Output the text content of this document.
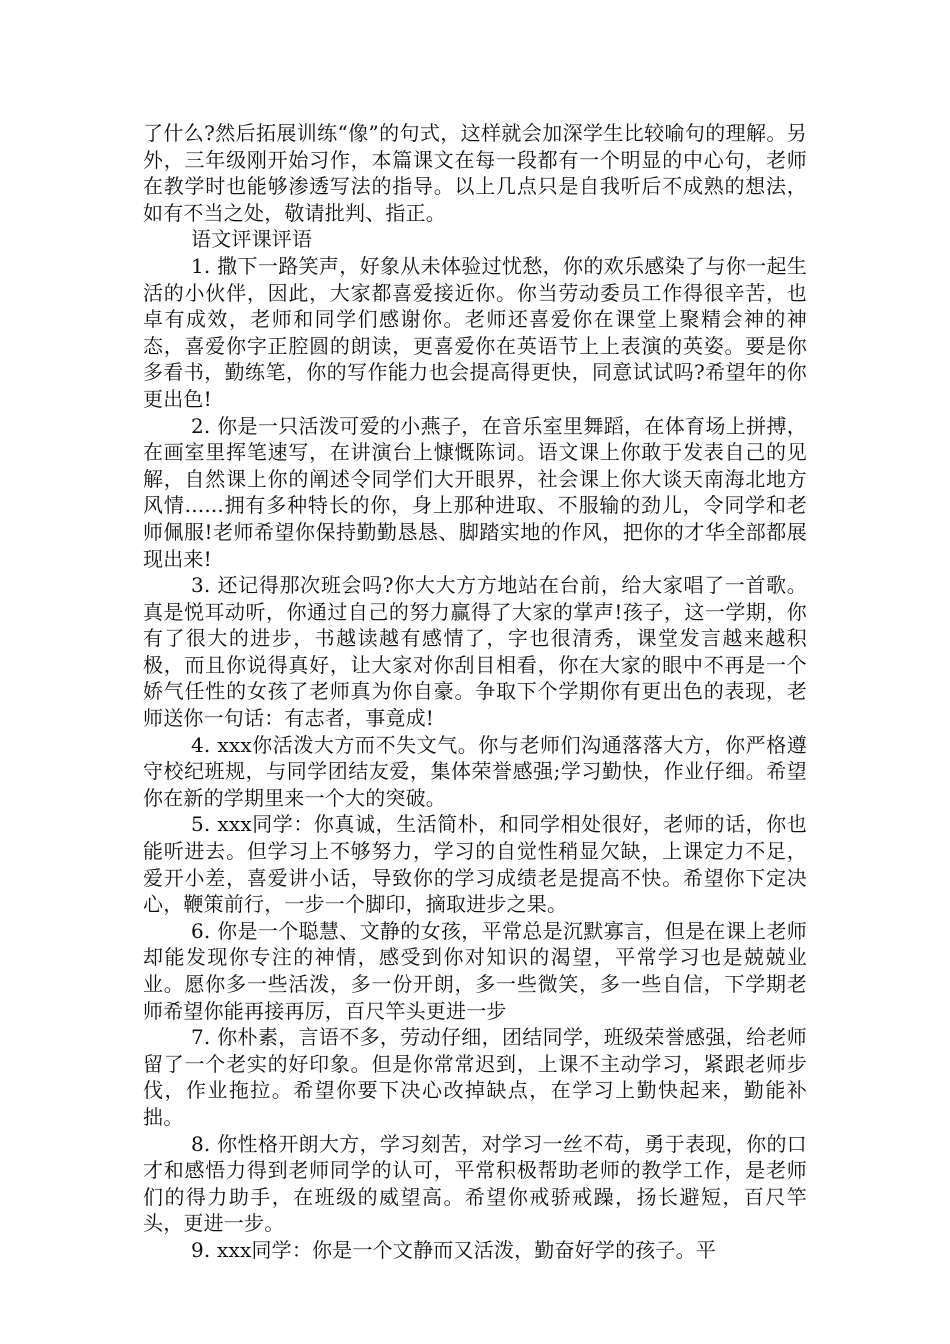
了什么?然后拓展训练“像”的句式，这样就会加深学生比较喻句的理解。另外，三年级刚开始习作，本篇课文在每一段都有一个明显的中心句，老师在教学时也能够渗透写法的指导。以上几点只是自我听后不成熟的想法，如有不当之处，敬请批判、指正。

语文评课评语

1. 撒下一路笑声，好象从未体验过忧愁，你的欢乐感染了与你一起生活的小伙伴，因此，大家都喜爱接近你。你当劳动委员工作得很辛苦，也卓有成效，老师和同学们感谢你。老师还喜爱你在课堂上聚精会神的神态，喜爱你字正腔圆的朗读，更喜爱你在英语节上上表演的英姿。要是你多看书，勤练笔，你的写作能力也会提高得更快，同意试试吗?希望年的你更出色!

2. 你是一只活泼可爱的小燕子，在音乐室里舞蹈，在体育场上拼搏，在画室里挥笔速写，在讲演台上慷慨陈词。语文课上你敢于发表自己的见解，自然课上你的阐述令同学们大开眼界，社会课上你大谈天南海北地方风情......拥有多种特长的你，身上那种进取、不服输的劲儿，令同学和老师佩服!老师希望你保持勤勤恳恳、脚踏实地的作风，把你的才华全部都展现出来!

3. 还记得那次班会吗?你大大方方地站在台前，给大家唱了一首歌。真是悦耳动听，你通过自己的努力赢得了大家的掌声!孩子，这一学期，你有了很大的进步，书越读越有感情了，字也很清秀，课堂发言越来越积极，而且你说得真好，让大家对你刮目相看，你在大家的眼中不再是一个娇气任性的女孩了老师真为你自豪。争取下个学期你有更出色的表现，老师送你一句话：有志者，事竟成!

4. xxx你活泼大方而不失文气。你与老师们沟通落落大方，你严格遵守校纪班规，与同学团结友爱，集体荣誉感强;学习勤快，作业仔细。希望你在新的学期里来一个大的突破。

5. xxx同学：你真诚，生活简朴，和同学相处很好，老师的话，你也能听进去。但学习上不够努力，学习的自觉性稍显欠缺，上课定力不足，爱开小差，喜爱讲小话，导致你的学习成绩老是提高不快。希望你下定决心，鞭策前行，一步一个脚印，摘取进步之果。

6. 你是一个聪慧、文静的女孩，平常总是沉默寡言，但是在课上老师却能发现你专注的神情，感受到你对知识的渴望，平常学习也是兢兢业业。愿你多一些活泼，多一份开朗，多一些微笑，多一些自信，下学期老师希望你能再接再厉，百尺竿头更进一步

7. 你朴素，言语不多，劳动仔细，团结同学，班级荣誉感强，给老师留了一个老实的好印象。但是你常常迟到，上课不主动学习，紧跟老师步伐，作业拖拉。希望你要下决心改掉缺点，在学习上勤快起来，勤能补拙。

8. 你性格开朗大方，学习刻苦，对学习一丝不苟，勇于表现，你的口才和感悟力得到老师同学的认可，平常积极帮助老师的教学工作，是老师们的得力助手，在班级的威望高。希望你戒骄戒躁，扬长避短，百尺竿头，更进一步。

9. xxx同学：你是一个文静而又活泼，勤奋好学的孩子。平
